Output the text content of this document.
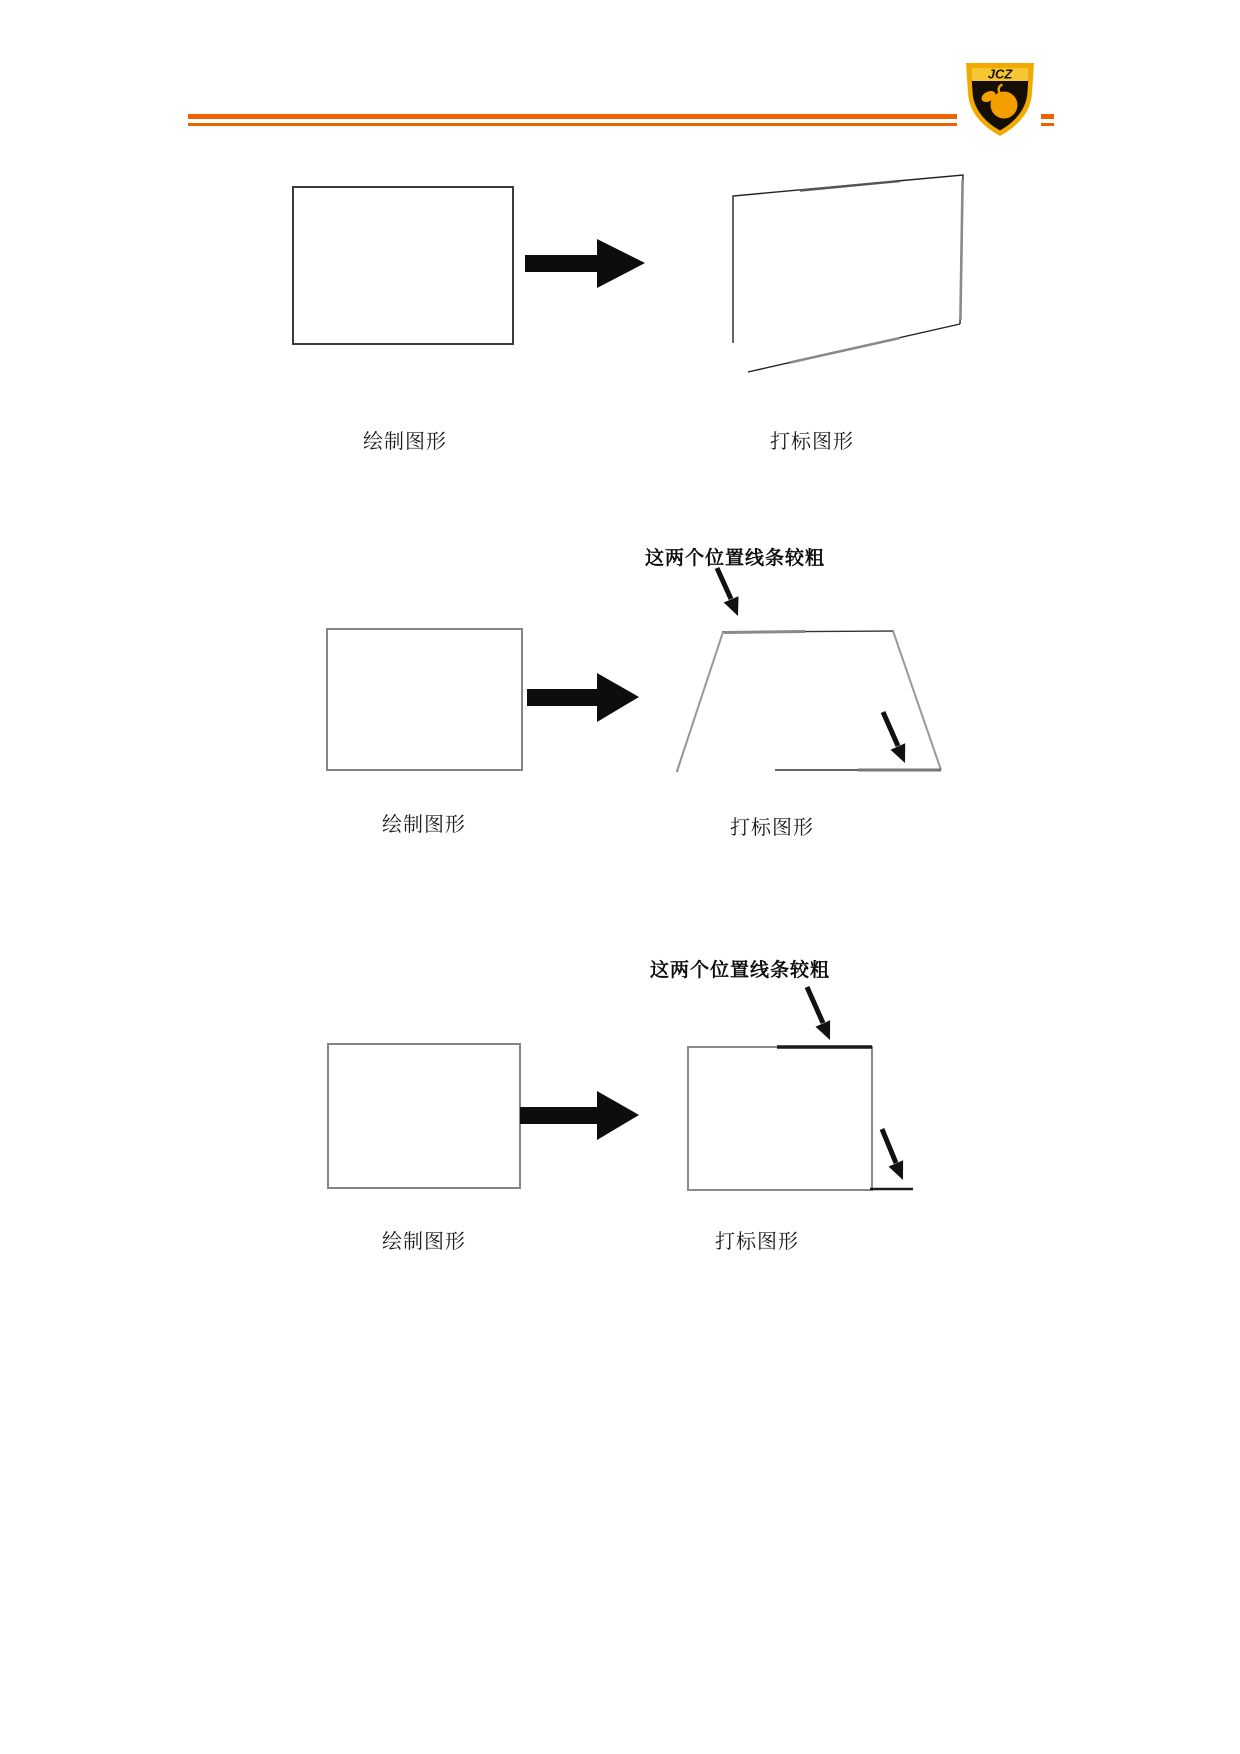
JCZ
绘制图形	打标图形
这两个位置线条较粗
绘制图形	打标图形
这两个位置线条较粗
绘制图形	打标图形
